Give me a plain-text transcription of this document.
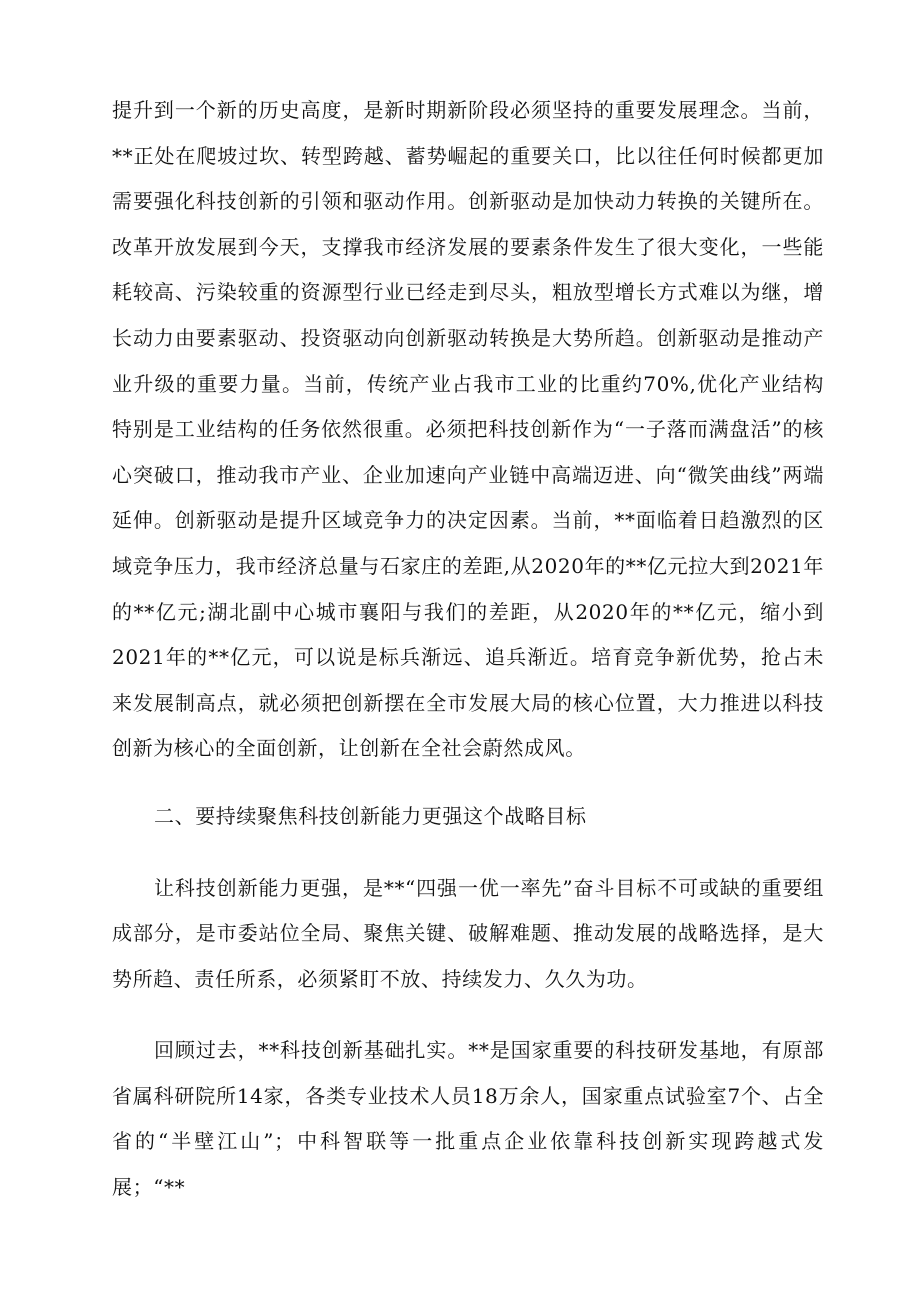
提升到一个新的历史高度，是新时期新阶段必须坚持的重要发展理念。当前，**正处在爬坡过坎、转型跨越、蓄势崛起的重要关口，比以往任何时候都更加需要强化科技创新的引领和驱动作用。创新驱动是加快动力转换的关键所在。改革开放发展到今天，支撑我市经济发展的要素条件发生了很大变化，一些能耗较高、污染较重的资源型行业已经走到尽头，粗放型增长方式难以为继，增长动力由要素驱动、投资驱动向创新驱动转换是大势所趋。创新驱动是推动产业升级的重要力量。当前，传统产业占我市工业的比重约70%,优化产业结构特别是工业结构的任务依然很重。必须把科技创新作为“一子落而满盘活”的核心突破口，推动我市产业、企业加速向产业链中高端迈进、向“微笑曲线”两端延伸。创新驱动是提升区域竞争力的决定因素。当前，**面临着日趋激烈的区域竞争压力，我市经济总量与石家庄的差距,从2020年的**亿元拉大到2021年的**亿元;湖北副中心城市襄阳与我们的差距，从2020年的**亿元，缩小到2021年的**亿元，可以说是标兵渐远、追兵渐近。培育竞争新优势，抢占未来发展制高点，就必须把创新摆在全市发展大局的核心位置，大力推进以科技创新为核心的全面创新，让创新在全社会蔚然成风。

二、要持续聚焦科技创新能力更强这个战略目标

让科技创新能力更强，是**“四强一优一率先”奋斗目标不可或缺的重要组成部分，是市委站位全局、聚焦关键、破解难题、推动发展的战略选择，是大势所趋、责任所系，必须紧盯不放、持续发力、久久为功。

回顾过去，**科技创新基础扎实。**是国家重要的科技研发基地，有原部省属科研院所14家，各类专业技术人员18万余人，国家重点试验室7个、占全省的“半壁江山”；中科智联等一批重点企业依靠科技创新实现跨越式发展；“**
